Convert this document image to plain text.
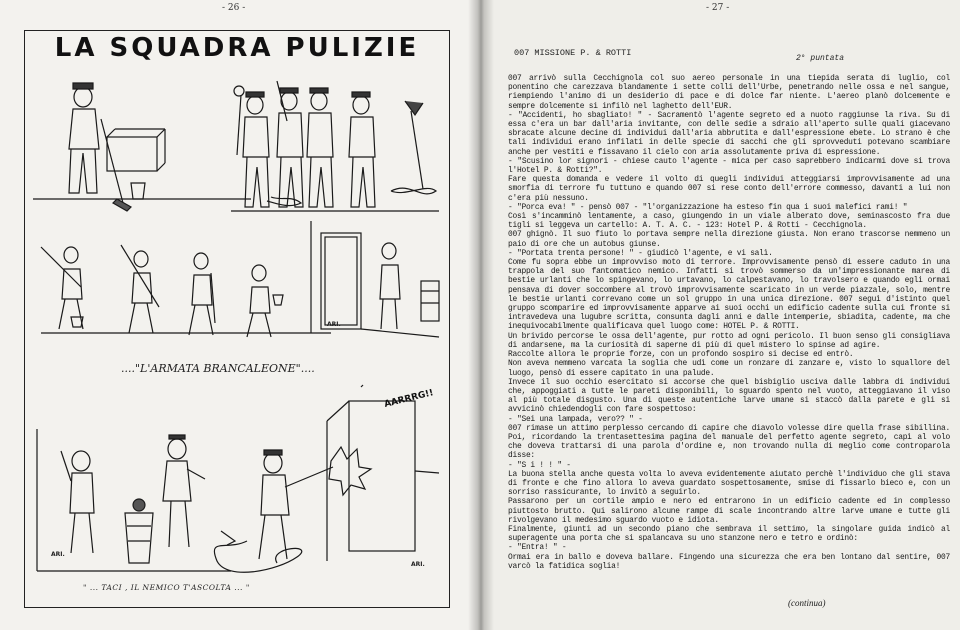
- 26 -
LA SQUADRA PULIZIE
ARI.
...."L'ARMATA BRANCALEONE"....
AARRRG!!
ARI.
ARI.
" ... TACI , IL NEMICO T'ASCOLTA ... "
- 27 -
007 MISSIONE P. & ROTTI
2° puntata

007 arrivò sulla Cecchignola col suo aereo personale in una tiepida serata di luglio, col ponentino che carezzava blandamente i sette colli dell'Urbe, penetrando nelle ossa e nel sangue, riempiendo l'animo di un desiderio di pace e di dolce far niente. L'aereo planò dolcemente e sempre dolcemente si infilò nel laghetto dell'EUR.

- "Accidenti, ho sbagliato! " - Sacramentò l'agente segreto ed a nuoto raggiunse la riva. Su di essa c'era un bar dall'aria invitante, con delle sedie a sdraio all'aperto sulle quali giacevano sbracate alcune decine di individui dall'aria abbrutita e dall'espressione ebete. Lo strano è che tali individui erano infilati in delle specie di sacchi che gli sprovveduti potevano scambiare anche per vestiti e fissavano il cielo con aria assolutamente priva di espressione.

- "Scusino lor signori - chiese cauto l'agente - mica per caso saprebbero indicarmi dove si trova l'Hotel P. & Rotti?".

Fare questa domanda e vedere il volto di quegli individui atteggiarsi improvvisamente ad una smorfia di terrore fu tuttuno e quando 007 si rese conto dell'errore commesso, davanti a lui non c'era più nessuno.

- "Porca eva! " - pensò 007 - "l'organizzazione ha esteso fin qua i suoi malefici rami! "

Così s'incamminò lentamente, a caso, giungendo in un viale alberato dove, seminascosto fra due tigli si leggeva un cartello: A. T. A. C. - 123: Hotel P. & Rotti - Cecchignola.

007 ghignò. Il suo fiuto lo portava sempre nella direzione giusta. Non erano trascorse nemmeno un paio di ore che un autobus giunse.

- "Portata trenta persone! " - giudicò l'agente, e vi salì.

Come fu sopra ebbe un improvviso moto di terrore. Improvvisamente pensò di essere caduto in una trappola del suo fantomatico nemico. Infatti si trovò sommerso da un'impressionante marea di bestie urlanti che lo spingevano, lo urtavano, lo calpestavano, lo travolsero e quando egli ormai pensava di dover soccombere al trovò improvvisamente scaricato in un verde piazzale, solo, mentre le bestie urlanti correvano come un sol gruppo in una unica direzione. 007 seguì d'istinto quel gruppo scomparire ed improvvisamente apparve ai suoi occhi un edificio cadente sulla cui fronte si intravedeva una lugubre scritta, consunta dagli anni e dalle intemperie, sbiadita, cadente, ma che inequivocabilmente qualificava quel luogo come: HOTEL P. & ROTTI.

Un brivido percorse le ossa dell'agente, pur rotto ad ogni pericolo. Il buon senso gli consigliava di andarsene, ma la curiosità di saperne di più di quel mistero lo spinse ad agire.

Raccolte allora le proprie forze, con un profondo sospiro si decise ed entrò.

Non aveva nemmeno varcata la soglia che udì come un ronzare di zanzare e, visto lo squallore del luogo, pensò di essere capitato in una palude.

Invece il suo occhio esercitato si accorse che quel bisbiglio usciva dalle labbra di individui che, appoggiati a tutte le pareti disponibili, lo sguardo spento nel vuoto, atteggiavano il viso al più totale disgusto. Una di queste autentiche larve umane si staccò dalla parete e gli si avvicinò chiedendogli con fare sospettoso:

- "Sei una lampada, vero?? " -

007 rimase un attimo perplesso cercando di capire che diavolo volesse dire quella frase sibillina. Poi, ricordando la trentasettesima pagina del manuale del perfetto agente segreto, capì al volo che doveva trattarsi di una parola d'ordine e, non trovando nulla di meglio come controparola disse:

- "S i ! ! " -

La buona stella anche questa volta lo aveva evidentemente aiutato perchè l'individuo che gli stava di fronte e che fino allora lo aveva guardato sospettosamente, smise di fissarlo bieco e, con un sorriso rassicurante, lo invitò a seguirlo.

Passarono per un cortile ampio e nero ed entrarono in un edificio cadente ed in complesso piuttosto brutto. Qui salirono alcune rampe di scale incontrando altre larve umane e tutte gli rivolgevano il medesimo sguardo vuoto e idiota.

Finalmente, giunti ad un secondo piano che sembrava il settimo, la singolare guida indicò al superagente una porta che si spalancava su uno stanzone nero e tetro e ordinò:

- "Entra! " -

Ormai era in ballo e doveva ballare. Fingendo una sicurezza che era ben lontano dal sentire, 007 varcò la fatidica soglia!

(continua)
